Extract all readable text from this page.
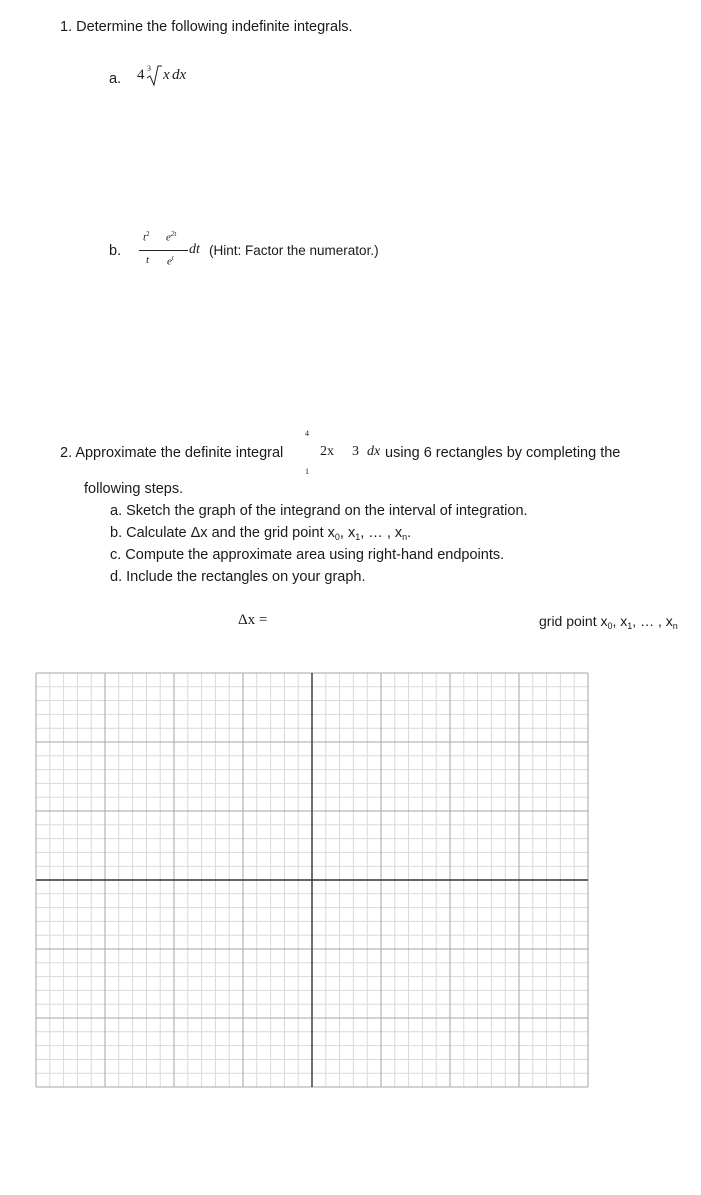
1. Determine the following indefinite integrals.
a. 4 3 x dx
b.
$t^2$ $e^{2t}$
t $e^t$
dt (Hint: Factor the numerator.)
2. Approximate the definite integral
4
1
2x 3 dx using 6 rectangles by completing the
following steps.
a. Sketch the graph of the integrand on the interval of integration.
b. Calculate Δx and the grid point $x_0$, $x_1$, … , $x_n$.
c. Compute the approximate area using right-hand endpoints.
d. Include the rectangles on your graph.
Δx =	grid point $x_0$, $x_1$, … , $x_n$
